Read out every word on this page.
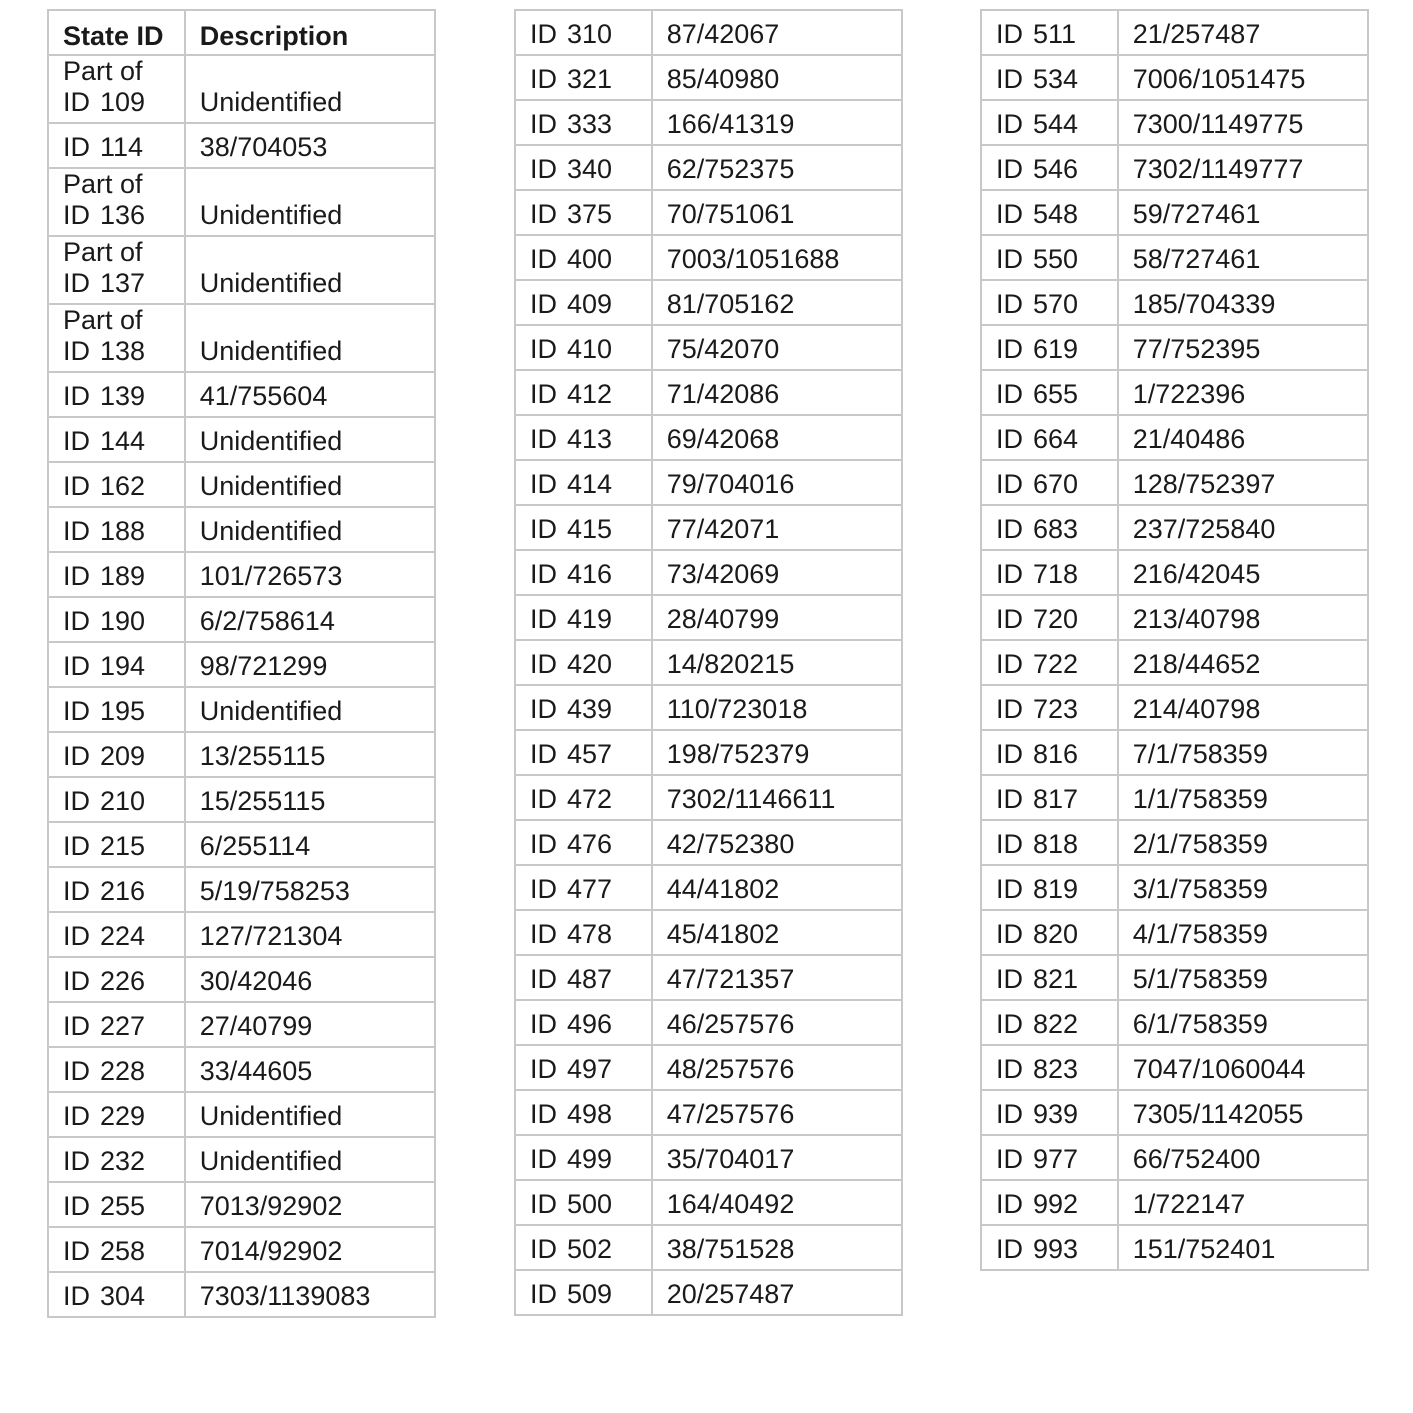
State ID	Description

Part of
ID 109	Unidentified

ID 114	38/704053

Part of
ID 136	Unidentified

Part of
ID 137	Unidentified

Part of
ID 138	Unidentified

ID 139	41/755604

ID 144	Unidentified

ID 162	Unidentified

ID 188	Unidentified

ID 189	101/726573

ID 190	6/2/758614

ID 194	98/721299

ID 195	Unidentified

ID 209	13/255115

ID 210	15/255115

ID 215	6/255114

ID 216	5/19/758253

ID 224	127/721304

ID 226	30/42046

ID 227	27/40799

ID 228	33/44605

ID 229	Unidentified

ID 232	Unidentified

ID 255	7013/92902

ID 258	7014/92902

ID 304	7303/1139083
ID 310	87/42067

ID 321	85/40980

ID 333	166/41319

ID 340	62/752375

ID 375	70/751061

ID 400	7003/1051688

ID 409	81/705162

ID 410	75/42070

ID 412	71/42086

ID 413	69/42068

ID 414	79/704016

ID 415	77/42071

ID 416	73/42069

ID 419	28/40799

ID 420	14/820215

ID 439	110/723018

ID 457	198/752379

ID 472	7302/1146611

ID 476	42/752380

ID 477	44/41802

ID 478	45/41802

ID 487	47/721357

ID 496	46/257576

ID 497	48/257576

ID 498	47/257576

ID 499	35/704017

ID 500	164/40492

ID 502	38/751528

ID 509	20/257487
ID 511	21/257487

ID 534	7006/1051475

ID 544	7300/1149775

ID 546	7302/1149777

ID 548	59/727461

ID 550	58/727461

ID 570	185/704339

ID 619	77/752395

ID 655	1/722396

ID 664	21/40486

ID 670	128/752397

ID 683	237/725840

ID 718	216/42045

ID 720	213/40798

ID 722	218/44652

ID 723	214/40798

ID 816	7/1/758359

ID 817	1/1/758359

ID 818	2/1/758359

ID 819	3/1/758359

ID 820	4/1/758359

ID 821	5/1/758359

ID 822	6/1/758359

ID 823	7047/1060044

ID 939	7305/1142055

ID 977	66/752400

ID 992	1/722147

ID 993	151/752401
